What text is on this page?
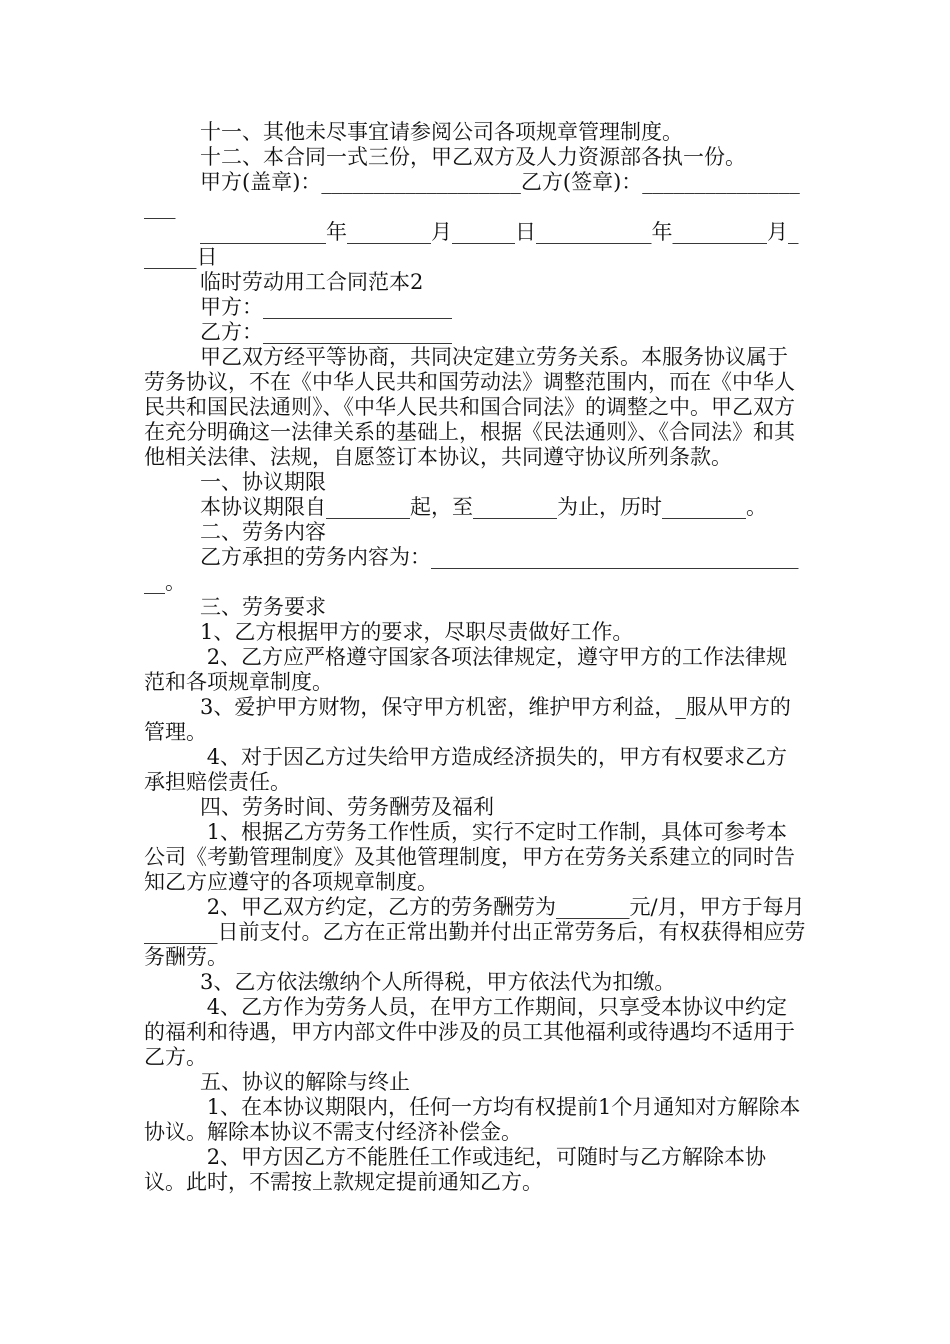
十一、其他未尽事宜请参阅公司各项规章管理制度。

十二、本合同一式三份，甲乙双方及人力资源部各执一份。

甲方(盖章)：___________________乙方(签章)：__________________

____________年________月______日___________年_________月______日

临时劳动用工合同范本2

甲方：__________________

乙方：__________________

甲乙双方经平等协商，共同决定建立劳务关系。本服务协议属于劳务协议，不在《中华人民共和国劳动法》调整范围内，而在《中华人民共和国民法通则》、《中华人民共和国合同法》的调整之中。甲乙双方在充分明确这一法律关系的基础上，根据《民法通则》、《合同法》和其他相关法律、法规，自愿签订本协议，共同遵守协议所列条款。

一、协议期限

本协议期限自________起，至________为止，历时________。

二、劳务内容

乙方承担的劳务内容为：_____________________________________。

三、劳务要求

1、乙方根据甲方的要求，尽职尽责做好工作。

2、乙方应严格遵守国家各项法律规定，遵守甲方的工作法律规范和各项规章制度。

3、爱护甲方财物，保守甲方机密，维护甲方利益，_服从甲方的管理。

4、对于因乙方过失给甲方造成经济损失的，甲方有权要求乙方承担赔偿责任。

四、劳务时间、劳务酬劳及福利

1、根据乙方劳务工作性质，实行不定时工作制，具体可参考本公司《考勤管理制度》及其他管理制度，甲方在劳务关系建立的同时告知乙方应遵守的各项规章制度。

2、甲乙双方约定，乙方的劳务酬劳为_______元/月，甲方于每月_______日前支付。乙方在正常出勤并付出正常劳务后，有权获得相应劳务酬劳。

3、乙方依法缴纳个人所得税，甲方依法代为扣缴。

4、乙方作为劳务人员，在甲方工作期间，只享受本协议中约定的福利和待遇，甲方内部文件中涉及的员工其他福利或待遇均不适用于乙方。

五、协议的解除与终止

1、在本协议期限内，任何一方均有权提前1个月通知对方解除本协议。解除本协议不需支付经济补偿金。

2、甲方因乙方不能胜任工作或违纪，可随时与乙方解除本协议。此时，不需按上款规定提前通知乙方。
